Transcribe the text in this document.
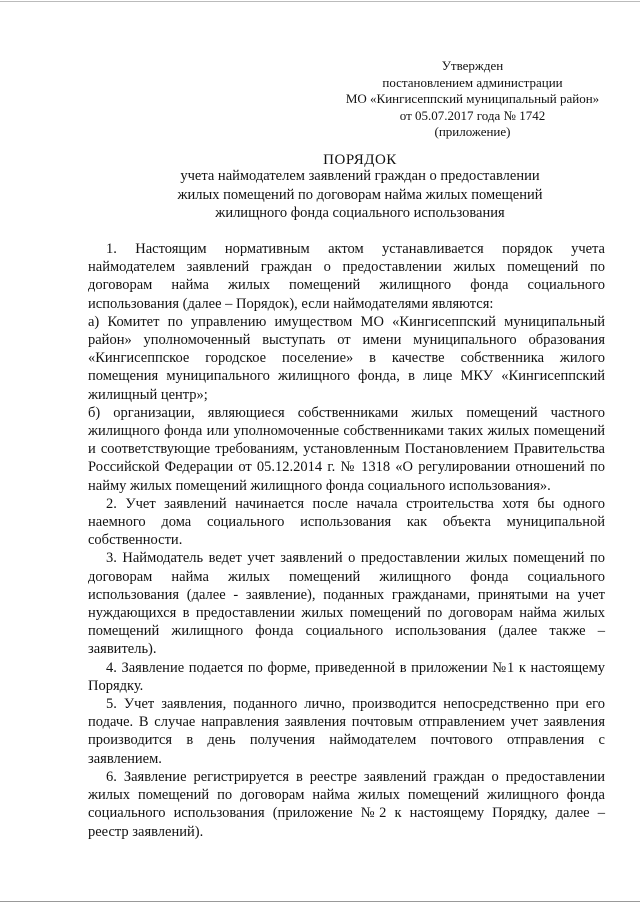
Утвержден
постановлением администрации
МО «Кингисеппский муниципальный район»
от 05.07.2017 года № 1742
(приложение)
ПОРЯДОК
учета наймодателем заявлений граждан о предоставлении
жилых помещений по договорам найма жилых помещений
жилищного фонда социального использования

1. Настоящим нормативным актом устанавливается порядок учета наймодателем заявлений граждан о предоставлении жилых помещений по договорам найма жилых помещений жилищного фонда социального использования (далее – Порядок), если наймодателями являются:

а) Комитет по управлению имуществом МО «Кингисеппский муниципальный район» уполномоченный выступать от имени муниципального образования «Кингисеппское городское поселение» в качестве собственника жилого помещения муниципального жилищного фонда, в лице МКУ «Кингисеппский жилищный центр»;

б) организации, являющиеся собственниками жилых помещений частного жилищного фонда или уполномоченные собственниками таких жилых помещений и соответствующие требованиям, установленным Постановлением Правительства Российской Федерации от 05.12.2014 г. № 1318 «О регулировании отношений по найму жилых помещений жилищного фонда социального использования».

2. Учет заявлений начинается после начала строительства хотя бы одного наемного дома социального использования как объекта муниципальной собственности.

3. Наймодатель ведет учет заявлений о предоставлении жилых помещений по договорам найма жилых помещений жилищного фонда социального использования (далее - заявление), поданных гражданами, принятыми на учет нуждающихся в предоставлении жилых помещений по договорам найма жилых помещений жилищного фонда социального использования (далее также – заявитель).

4. Заявление подается по форме, приведенной в приложении №1 к настоящему Порядку.

5. Учет заявления, поданного лично, производится непосредственно при его подаче. В случае направления заявления почтовым отправлением учет заявления производится в день получения наймодателем почтового отправления с заявлением.

6. Заявление регистрируется в реестре заявлений граждан о предоставлении жилых помещений по договорам найма жилых помещений жилищного фонда социального использования (приложение №2 к настоящему Порядку, далее – реестр заявлений).
